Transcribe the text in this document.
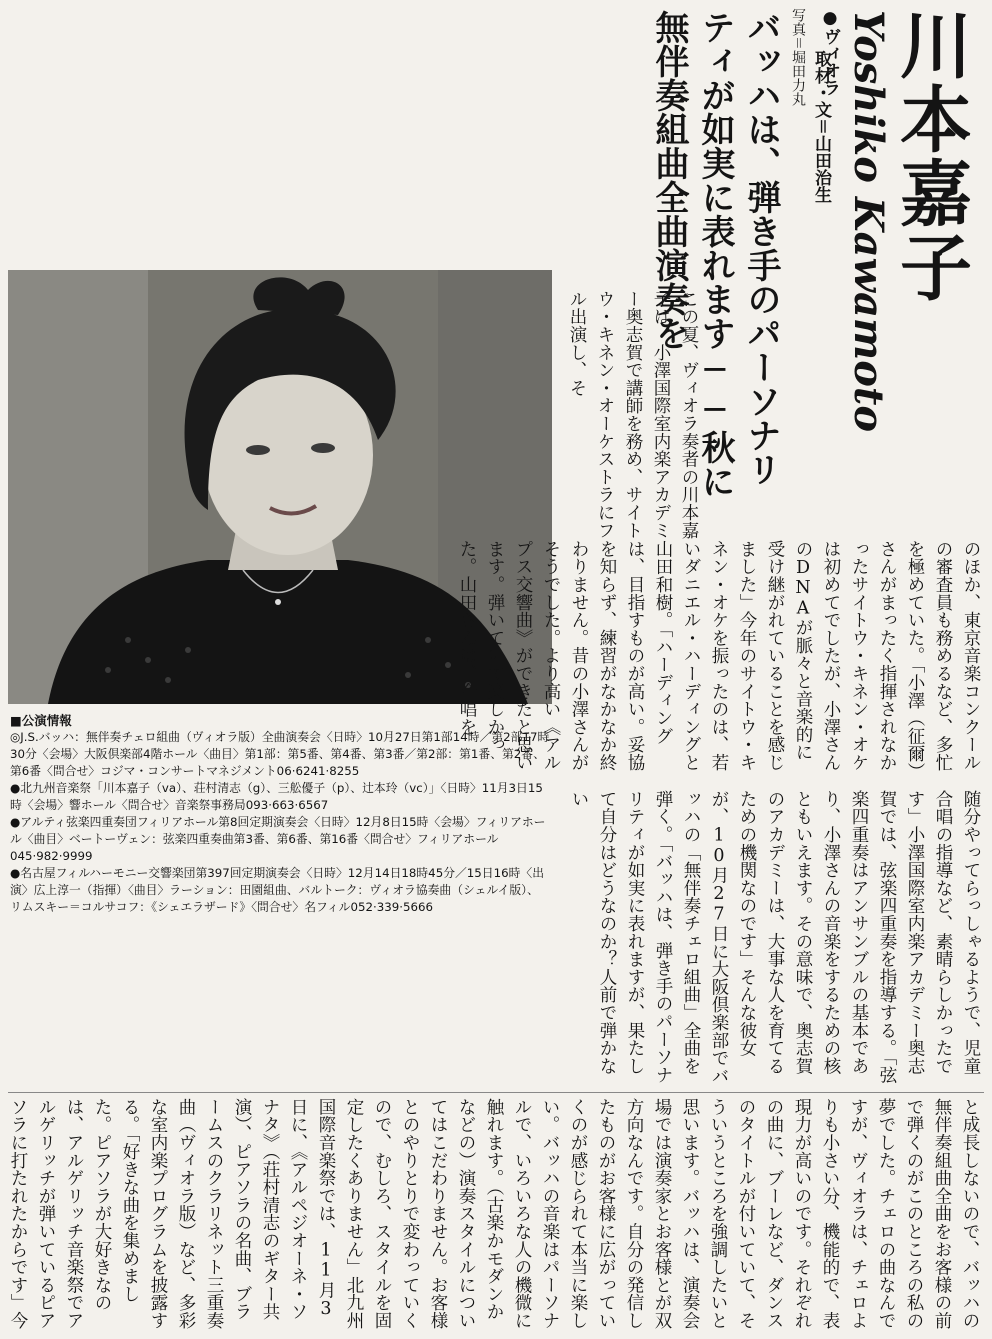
川本嘉子
Yoshiko Kawamoto
●ヴィオラ
取材・文＝山田治生
写真＝堀田力丸
バッハは、弾き手のパーソナリティが如実に表れます──秋に無伴奏組曲全曲演奏を
この夏、ヴィオラ奏者の川本嘉子は、小澤国際室内楽アカデミー奥志賀で講師を務め、サイトウ・キネン・オーケストラにフル出演し、そ
のほか、東京音楽コンクールの審査員も務めるなど、多忙を極めていた。「小澤（征爾）さんがまったく指揮されなかったサイトウ・キネン・オケは初めてでしたが、小澤さんのDNAが脈々と音楽的に受け継がれていることを感じました」今年のサイトウ・キネン・オケを振ったのは、若いダニエル・ハーディングと山田和樹。「ハーディングは、目指すものが高い。妥協を知らず、練習がなかなか終わりません。昔の小澤さんがそうでした。より高い《アルプス交響曲》ができたと思います。弾いていて楽しかった。山田さんは、合唱を
随分やってらっしゃるようで、児童合唱の指導など、素晴らしかったです」小澤国際室内楽アカデミー奥志賀では、弦楽四重奏を指導する。「弦楽四重奏はアンサンブルの基本であり、小澤さんの音楽をするための核ともいえます。その意味で、奥志賀のアカデミーは、大事な人を育てるための機関なのです」そんな彼女が、10月27日に大阪倶楽部でバッハの「無伴奏チェロ組曲」全曲を弾く。「バッハは、弾き手のパーソナリティが如実に表れますが、果たして自分はどうなのか？人前で弾かない

■公演情報

◎J.S.バッハ：無伴奏チェロ組曲（ヴィオラ版）全曲演奏会〈日時〉10月27日第1部14時／第2部17時30分〈会場〉大阪倶楽部4階ホール〈曲目〉第1部：第5番、第4番、第3番／第2部：第1番、第2番、第6番〈問合せ〉コジマ・コンサートマネジメント06·6241·8255

●北九州音楽祭「川本嘉子（va）、荘村清志（g）、三舩優子（p）、辻本玲（vc）」〈日時〉11月3日15時〈会場〉響ホール〈問合せ〉音楽祭事務局093·663·6567

●アルティ弦楽四重奏団フィリアホール第8回定期演奏会〈日時〉12月8日15時〈会場〉フィリアホール〈曲目〉ベートーヴェン：弦楽四重奏曲第3番、第6番、第16番〈問合せ〉フィリアホール045·982·9999

●名古屋フィルハーモニー交響楽団第397回定期演奏会〈日時〉12月14日18時45分／15日16時〈出演〉広上淳一（指揮）〈曲目〉ラーション：田園組曲、バルトーク：ヴィオラ協奏曲（シェルイ版）、リムスキー＝コルサコフ：《シェエラザード》〈問合せ〉名フィル052·339·5666

と成長しないので、バッハの無伴奏組曲全曲をお客様の前で弾くのがこのところの私の夢でした。チェロの曲なんですが、ヴィオラは、チェロよりも小さい分、機能的で、表現力が高いのです。それぞれの曲に、ブーレなど、ダンスのタイトルが付いていて、そういうところを強調したいと思います。バッハは、演奏会場では演奏家とお客様とが双方向なんです。自分の発信したものがお客様に広がっていくのが感じられて本当に楽しい。バッハの音楽はパーソナルで、いろいろな人の機微に触れます。（古楽かモダンかなどの）演奏スタイルについてはこだわりません。お客様とのやりとりで変わっていくので、むしろ、スタイルを固定したくありません」北九州国際音楽祭では、11月3日に、《アルペジオーネ・ソナタ》（荘村清志のギター共演）、ピアソラの名曲、ブラームスのクラリネット三重奏曲（ヴィオラ版）など、多彩な室内楽プログラムを披露する。「好きな曲を集めました。ピアソラが大好きなのは、アルゲリッチ音楽祭でアルゲリッチが弾いているピアソラに打たれたからです」今
